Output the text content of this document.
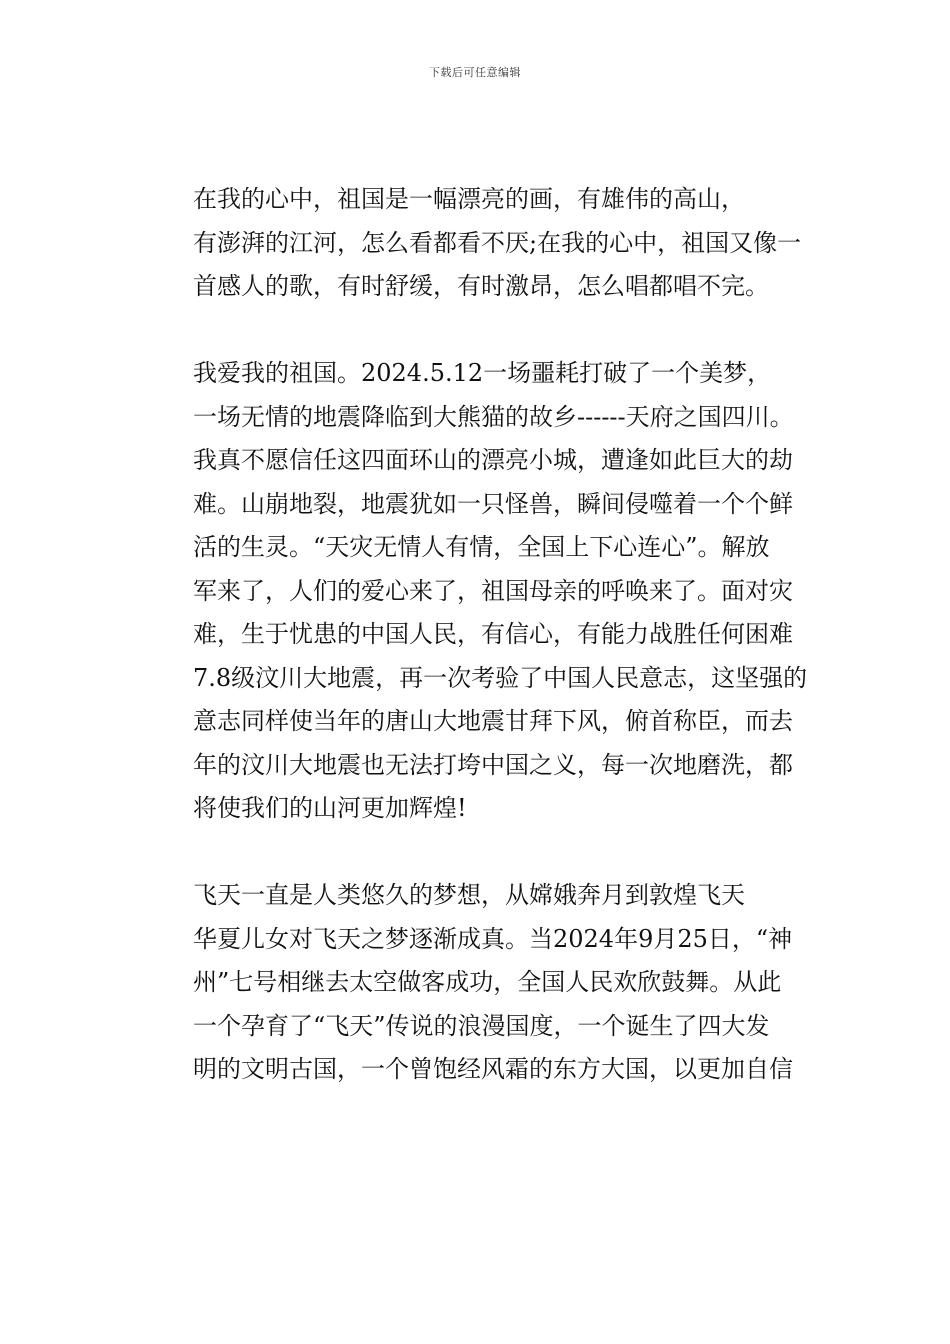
下载后可任意编辑

在我的心中，祖国是一幅漂亮的画，有雄伟的高山，
有澎湃的江河，怎么看都看不厌;在我的心中，祖国又像一
首感人的歌，有时舒缓，有时激昂，怎么唱都唱不完。

我爱我的祖国。2024.5.12一场噩耗打破了一个美梦，
一场无情的地震降临到大熊猫的故乡------天府之国四川。
我真不愿信任这四面环山的漂亮小城，遭逢如此巨大的劫
难。山崩地裂，地震犹如一只怪兽，瞬间侵噬着一个个鲜
活的生灵。“天灾无情人有情，全国上下心连心”。解放
军来了，人们的爱心来了，祖国母亲的呼唤来了。面对灾
难，生于忧患的中国人民，有信心，有能力战胜任何困难
7.8级汶川大地震，再一次考验了中国人民意志，这坚强的
意志同样使当年的唐山大地震甘拜下风，俯首称臣，而去
年的汶川大地震也无法打垮中国之义，每一次地磨洗，都
将使我们的山河更加辉煌!

飞天一直是人类悠久的梦想，从嫦娥奔月到敦煌飞天
华夏儿女对飞天之梦逐渐成真。当2024年9月25日，“神
州”七号相继去太空做客成功，全国人民欢欣鼓舞。从此
一个孕育了“飞天”传说的浪漫国度，一个诞生了四大发
明的文明古国，一个曾饱经风霜的东方大国，以更加自信
